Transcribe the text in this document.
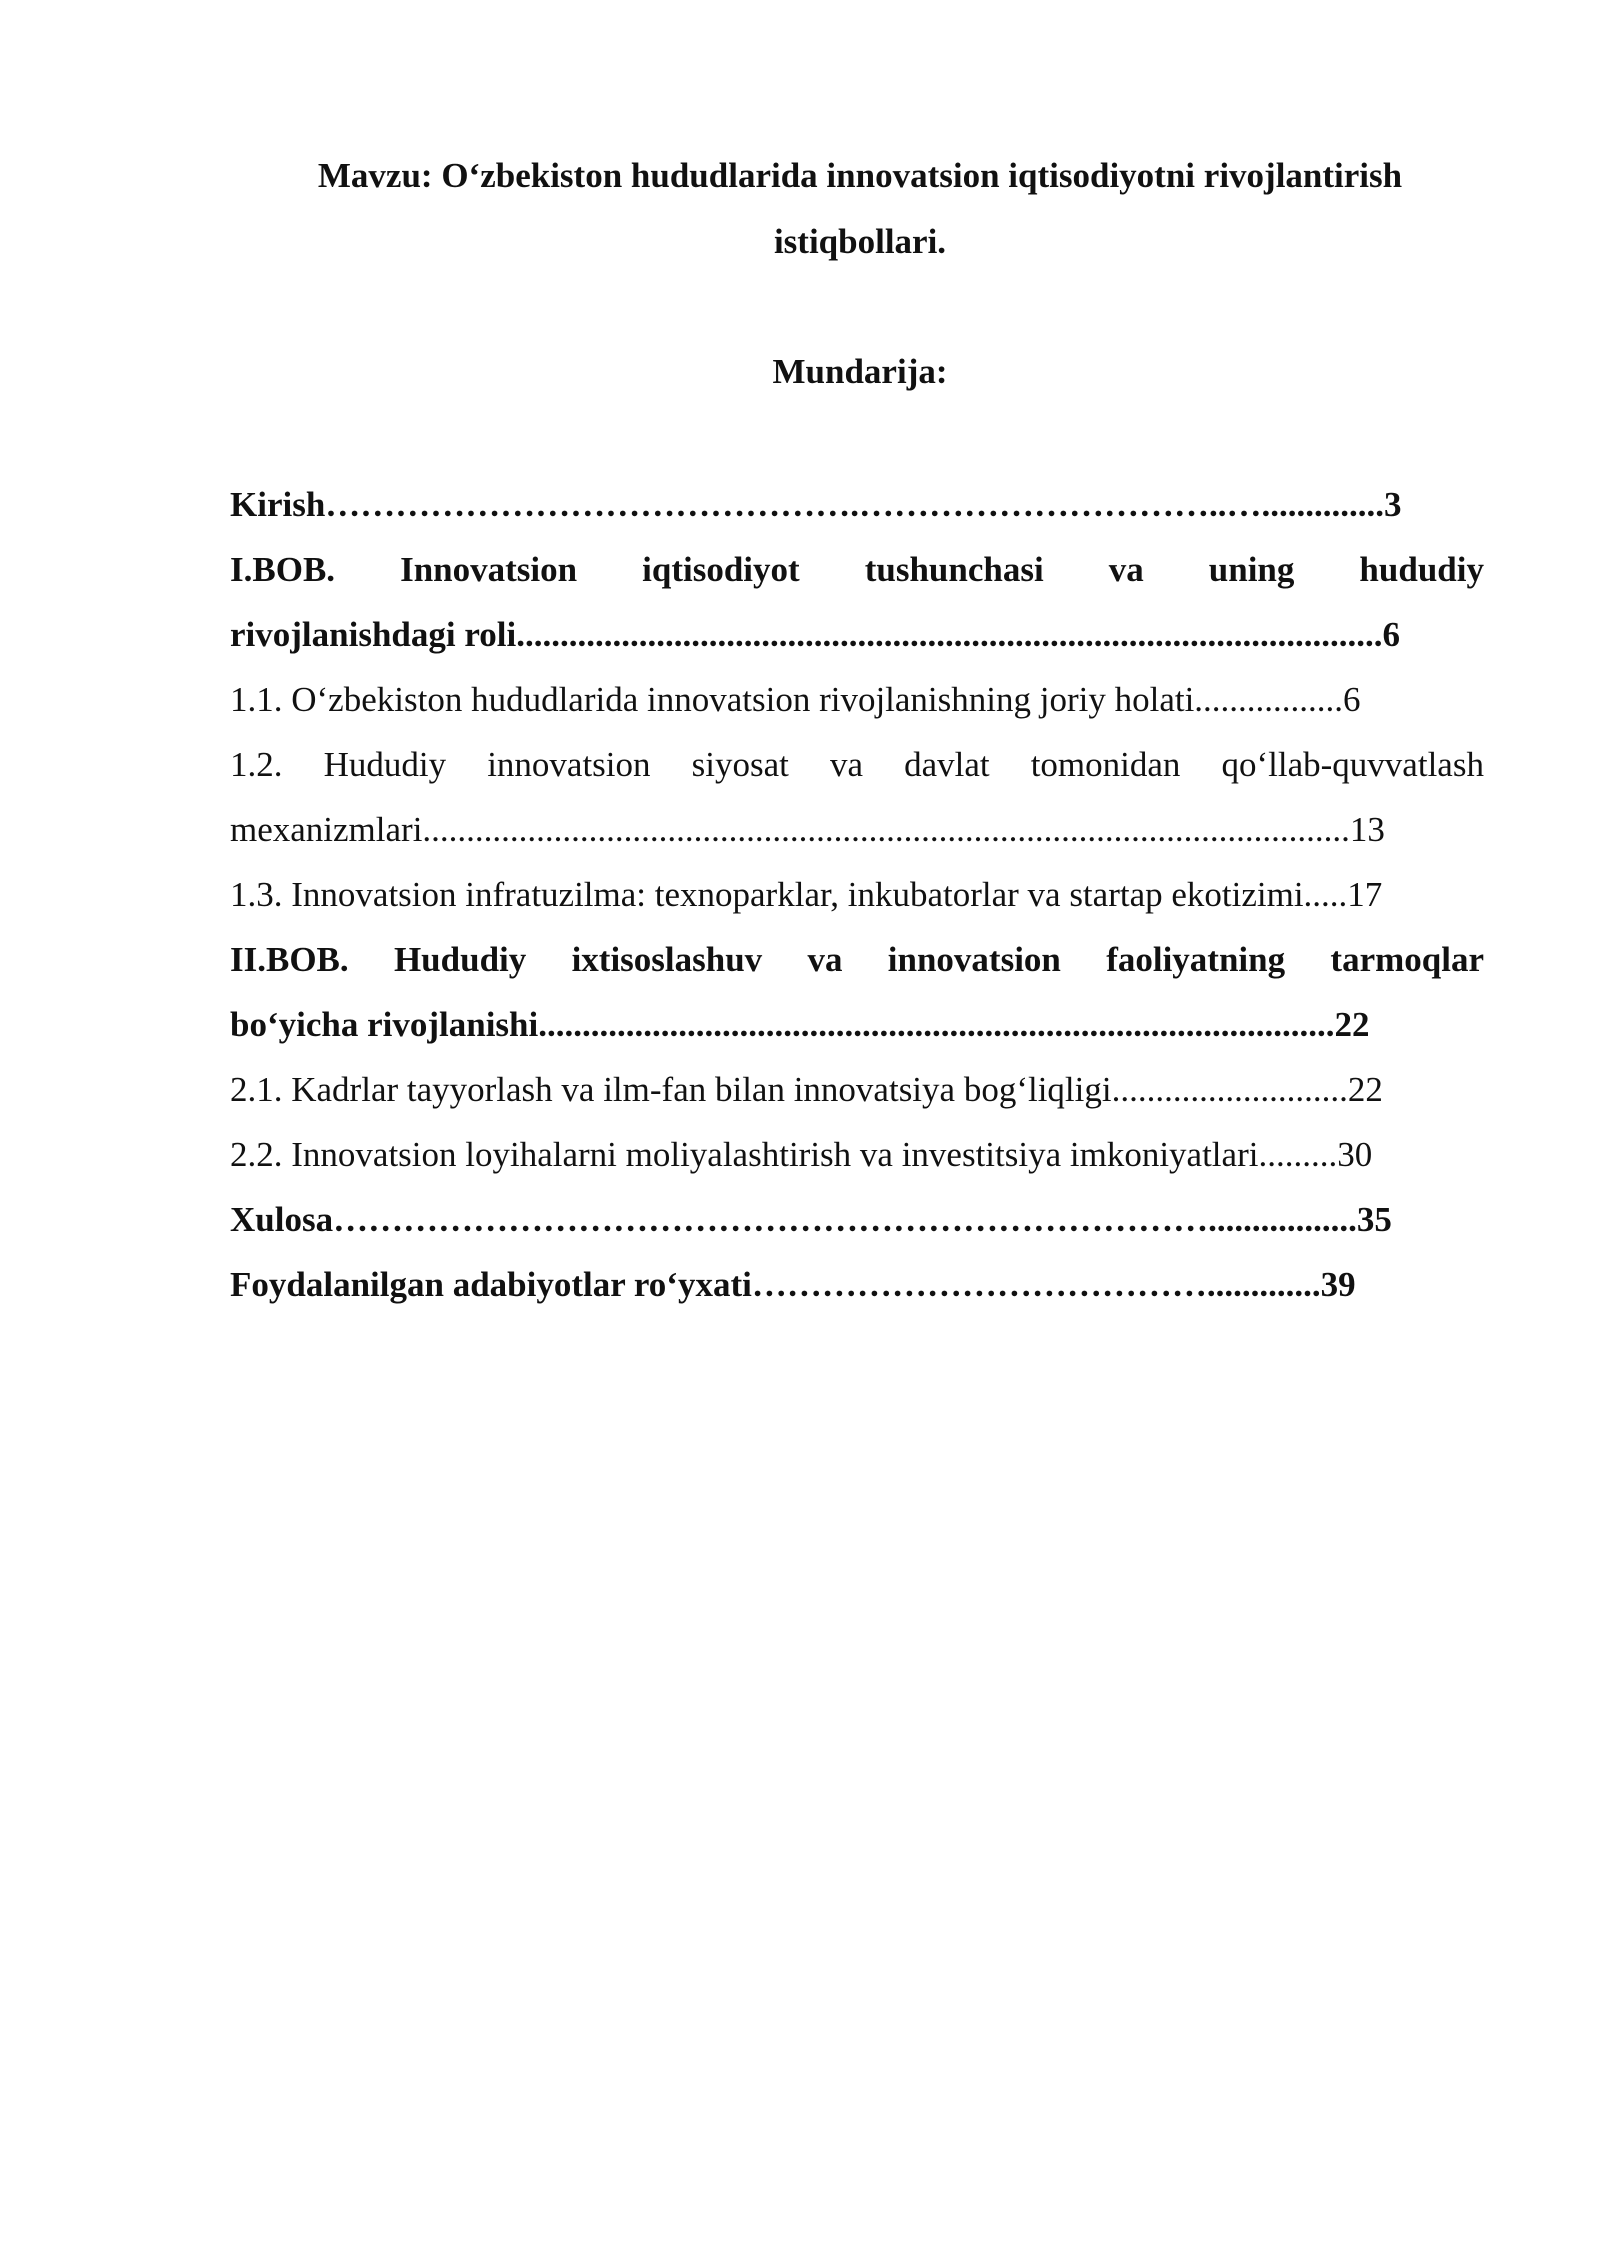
Mavzu: O‘zbekiston hududlarida innovatsion iqtisodiyotni rivojlantirish
istiqbollari.
Mundarija:
Kirish……………………………………….…………………………..…..............3
I.BOB. Innovatsion iqtisodiyot tushunchasi va uning hududiy
rivojlanishdagi roli...................................................................................................6
1.1. O‘zbekiston hududlarida innovatsion rivojlanishning joriy holati.................6
1.2. Hududiy innovatsion siyosat va davlat tomonidan qo‘llab-quvvatlash
mexanizmlari..........................................................................................................13
1.3. Innovatsion infratuzilma: texnoparklar, inkubatorlar va startap ekotizimi.....17
II.BOB. Hududiy ixtisoslashuv va innovatsion faoliyatning tarmoqlar
bo‘yicha rivojlanishi...........................................................................................22
2.1. Kadrlar tayyorlash va ilm-fan bilan innovatsiya bog‘liqligi...........................22
2.2. Innovatsion loyihalarni moliyalashtirish va investitsiya imkoniyatlari.........30
Xulosa………………………………………………………………….................35
Foydalanilgan adabiyotlar ro‘yxati………………………………….............39
